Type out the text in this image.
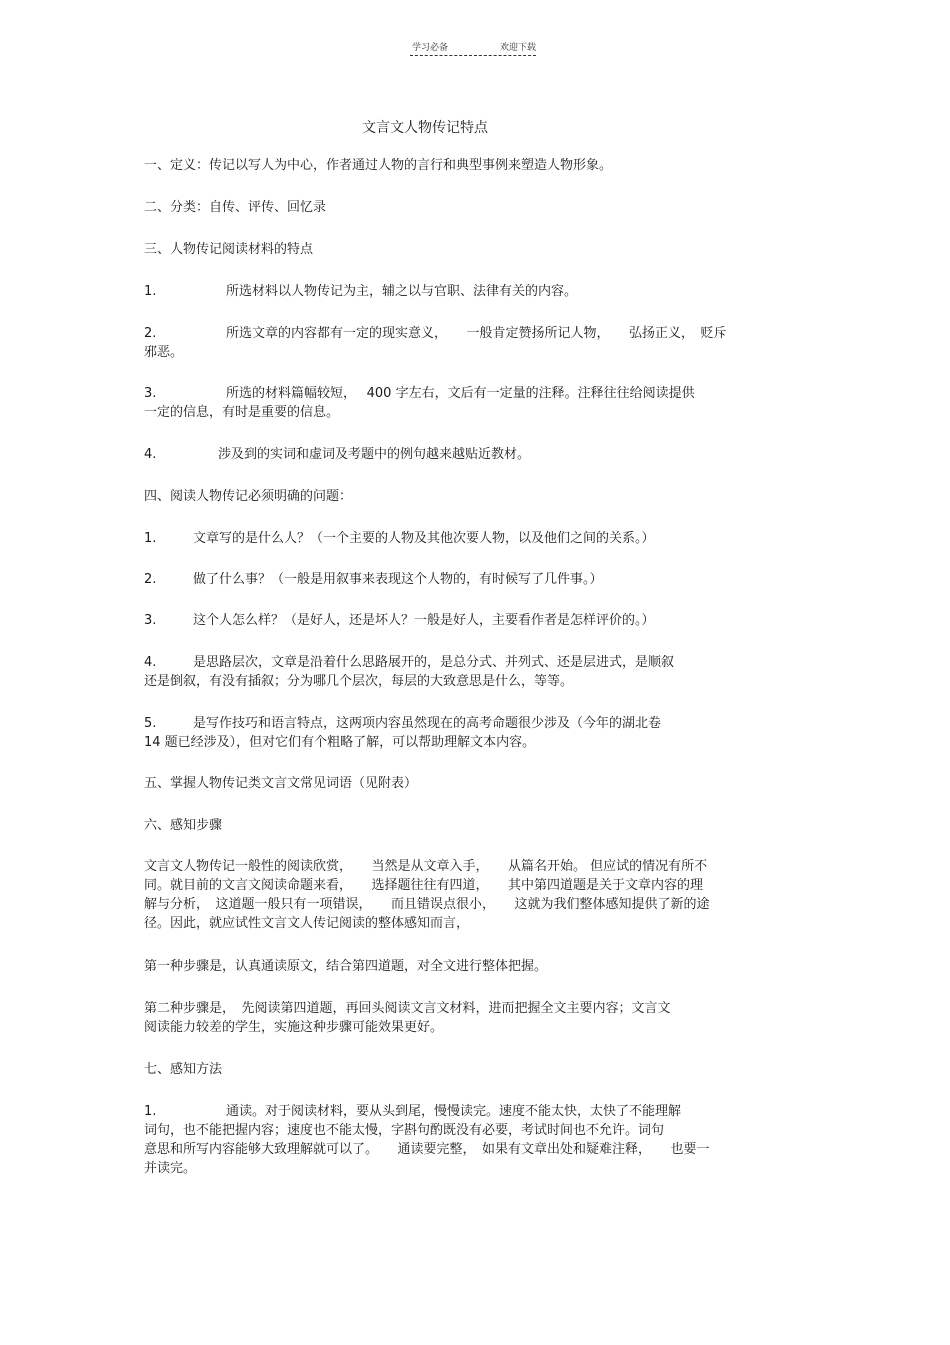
学习必备	欢迎下载
文言文人物传记特点
一、定义：传记以写人为中心，作者通过人物的言行和典型事例来塑造人物形象。
二、分类：自传、评传、回忆录
三、人物传记阅读材料的特点
1.	所选材料以人物传记为主，辅之以与官职、法律有关的内容。
2.	所选文章的内容都有一定的现实意义，　　一般肯定赞扬所记人物，　　弘扬正义，　贬斥
邪恶。
3.	所选的材料篇幅较短，　 400 字左右，文后有一定量的注释。注释往往给阅读提供
一定的信息，有时是重要的信息。
4.	涉及到的实词和虚词及考题中的例句越来越贴近教材。
四、阅读人物传记必须明确的问题：
1.	文章写的是什么人？（一个主要的人物及其他次要人物，以及他们之间的关系。）
2.	做了什么事？（一般是用叙事来表现这个人物的，有时候写了几件事。）
3.	这个人怎么样？（是好人，还是坏人？一般是好人，主要看作者是怎样评价的。）
4.	是思路层次，文章是沿着什么思路展开的，是总分式、并列式、还是层进式，是顺叙
还是倒叙，有没有插叙；分为哪几个层次，每层的大致意思是什么，等等。
5.	是写作技巧和语言特点，这两项内容虽然现在的高考命题很少涉及（今年的湖北卷
14 题已经涉及），但对它们有个粗略了解，可以帮助理解文本内容。
五、掌握人物传记类文言文常见词语（见附表）
六、感知步骤
文言文人物传记一般性的阅读欣赏，　　当然是从文章入手，　　从篇名开始。 但应试的情况有所不
同。就目前的文言文阅读命题来看，　　选择题往往有四道，　　其中第四道题是关于文章内容的理
解与分析，　这道题一般只有一项错误，　　而且错误点很小，　　这就为我们整体感知提供了新的途
径。因此，就应试性文言文人传记阅读的整体感知而言，
第一种步骤是，认真通读原文，结合第四道题，对全文进行整体把握。
第二种步骤是，　先阅读第四道题，再回头阅读文言文材料，进而把握全文主要内容；文言文
阅读能力较差的学生，实施这种步骤可能效果更好。
七、感知方法
1.	通读。对于阅读材料，要从头到尾，慢慢读完。速度不能太快，太快了不能理解
词句，也不能把握内容；速度也不能太慢，字斟句酌既没有必要，考试时间也不允许。词句
意思和所写内容能够大致理解就可以了。　　通读要完整，　如果有文章出处和疑难注释，　　也要一
并读完。
